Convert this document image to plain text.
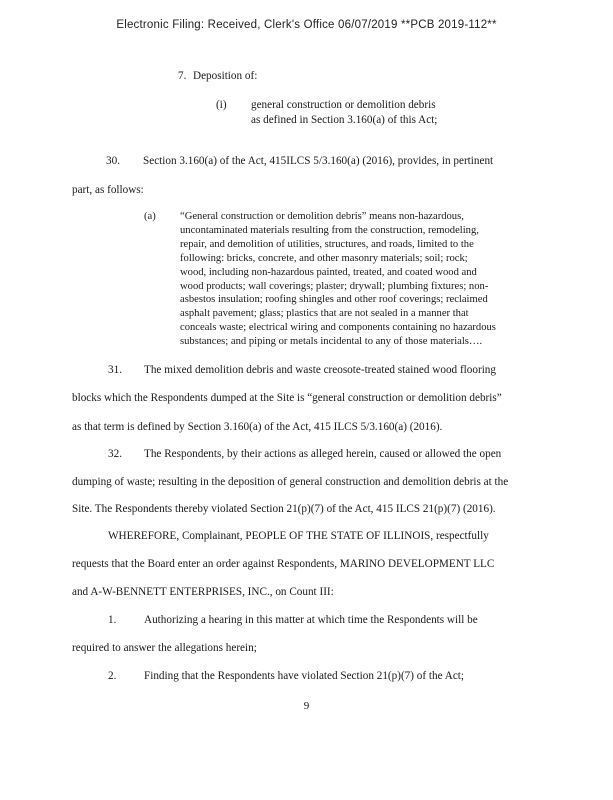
Electronic Filing: Received, Clerk's Office 06/07/2019 **PCB 2019-112**
7. Deposition of:
(i) general construction or demolition debris
as defined in Section 3.160(a) of this Act;
30. Section 3.160(a) of the Act, 415ILCS 5/3.160(a) (2016), provides, in pertinent
part, as follows:
(a) “General construction or demolition debris” means non-hazardous,
uncontaminated materials resulting from the construction, remodeling,
repair, and demolition of utilities, structures, and roads, limited to the
following: bricks, concrete, and other masonry materials; soil; rock;
wood, including non-hazardous painted, treated, and coated wood and
wood products; wall coverings; plaster; drywall; plumbing fixtures; non-
asbestos insulation; roofing shingles and other roof coverings; reclaimed
asphalt pavement; glass; plastics that are not sealed in a manner that
conceals waste; electrical wiring and components containing no hazardous
substances; and piping or metals incidental to any of those materials….
31. The mixed demolition debris and waste creosote-treated stained wood flooring
blocks which the Respondents dumped at the Site is “general construction or demolition debris”
as that term is defined by Section 3.160(a) of the Act, 415 ILCS 5/3.160(a) (2016).
32. The Respondents, by their actions as alleged herein, caused or allowed the open
dumping of waste; resulting in the deposition of general construction and demolition debris at the
Site. The Respondents thereby violated Section 21(p)(7) of the Act, 415 ILCS 21(p)(7) (2016).
WHEREFORE, Complainant, PEOPLE OF THE STATE OF ILLINOIS, respectfully
requests that the Board enter an order against Respondents, MARINO DEVELOPMENT LLC
and A-W-BENNETT ENTERPRISES, INC., on Count III:
1. Authorizing a hearing in this matter at which time the Respondents will be
required to answer the allegations herein;
2. Finding that the Respondents have violated Section 21(p)(7) of the Act;
9
